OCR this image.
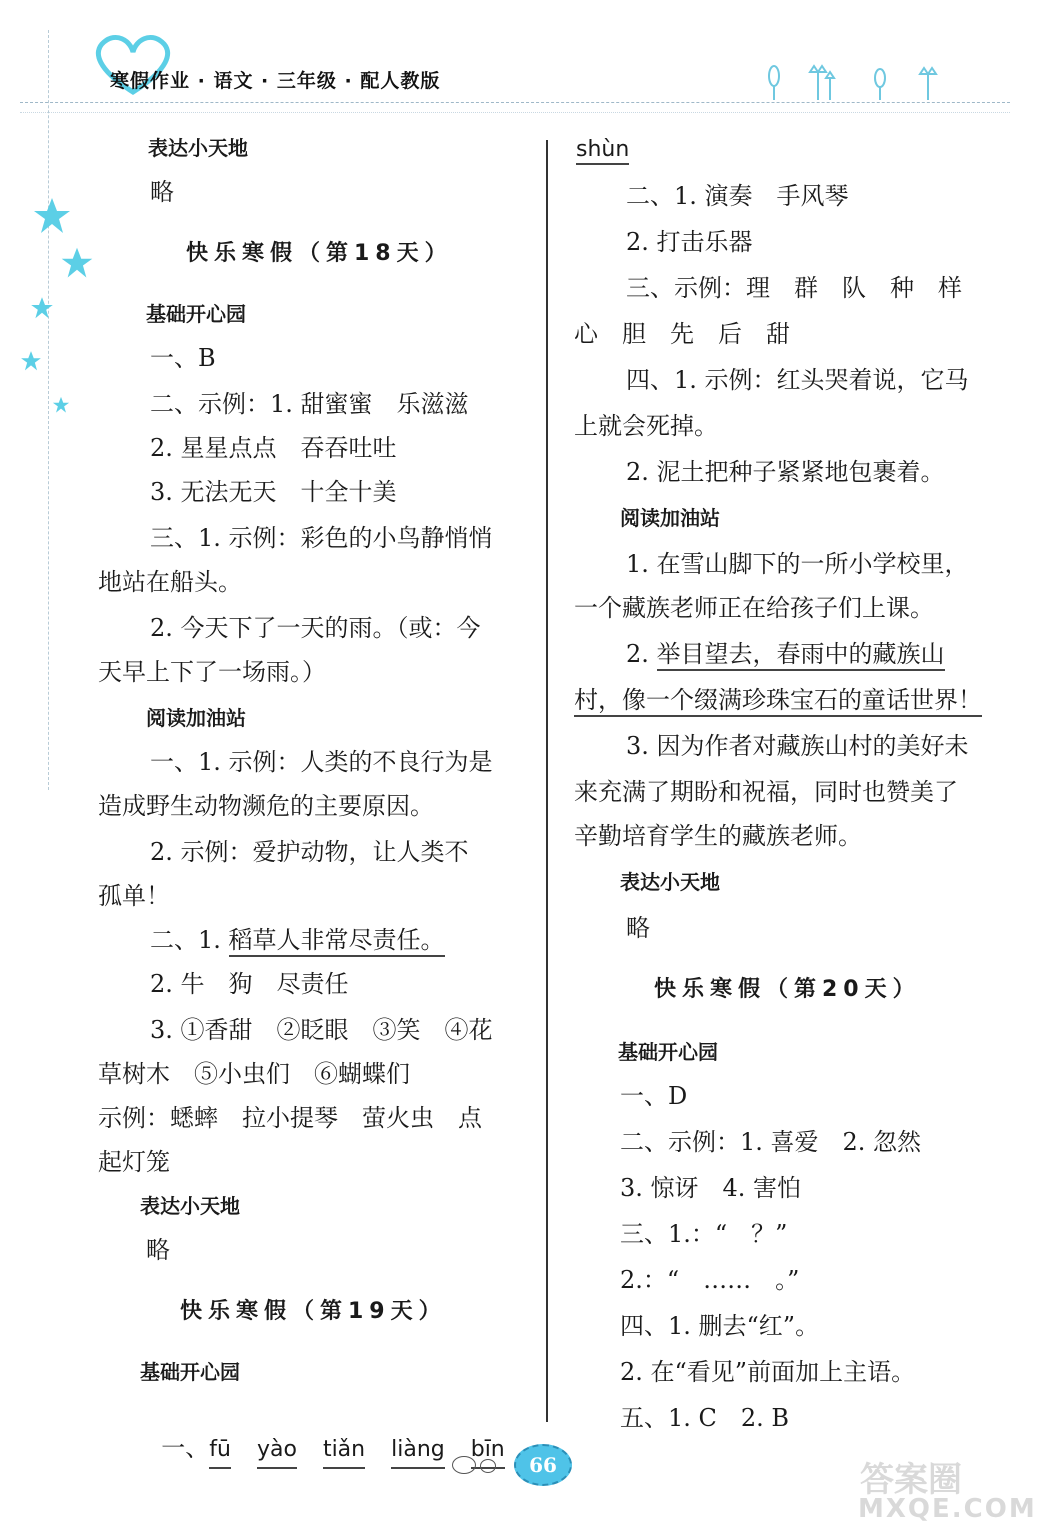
寒假作业 · 语文 · 三年级 · 配人教版
表达小天地
略
快乐寒假（第18天）
基础开心园
一、B
二、示例：1. 甜蜜蜜　乐滋滋
2. 星星点点　吞吞吐吐
3. 无法无天　十全十美
三、1. 示例：彩色的小鸟静悄悄
地站在船头。
2. 今天下了一天的雨。（或：今
天早上下了一场雨。）
阅读加油站
一、1. 示例：人类的不良行为是
造成野生动物濒危的主要原因。
2. 示例：爱护动物，让人类不
孤单！
二、1. 稻草人非常尽责任。
2. 牛　狗　尽责任
3. ①香甜　②眨眼　③笑　④花
草树木　⑤小虫们　⑥蝴蝶们
示例：蟋蟀　拉小提琴　萤火虫　点
起灯笼
表达小天地
略
快乐寒假（第19天）
基础开心园

一、fū yào tiǎn liàng bīn

shùn
二、1. 演奏　手风琴
2. 打击乐器
三、示例：理　群　队　种　样
心　胆　先　后　甜
四、1. 示例：红头哭着说，它马
上就会死掉。
2. 泥土把种子紧紧地包裹着。
阅读加油站
1. 在雪山脚下的一所小学校里，
一个藏族老师正在给孩子们上课。
2. 举目望去，春雨中的藏族山
村，像一个缀满珍珠宝石的童话世界！
3. 因为作者对藏族山村的美好未
来充满了期盼和祝福，同时也赞美了
辛勤培育学生的藏族老师。
表达小天地
略
快乐寒假（第20天）
基础开心园
一、D
二、示例：1. 喜爱　2. 忽然
3. 惊讶　4. 害怕
三、1.：“　？”
2.：“　……　。”
四、1. 删去“红”。
2. 在“看见”前面加上主语。
五、1. C　2. B
66	答案圈
MXQE.COM
